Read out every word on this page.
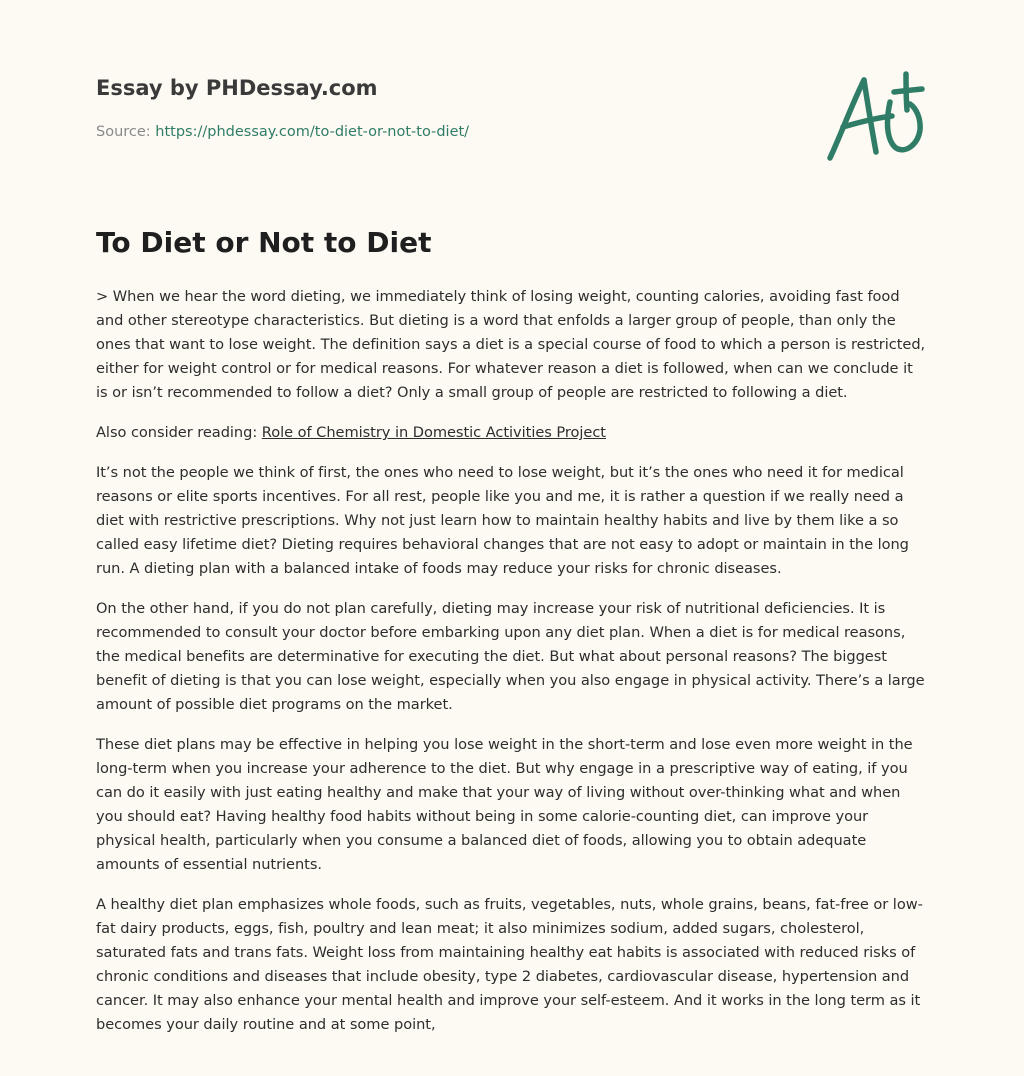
Essay by PHDessay.com
Source: https://phdessay.com/to-diet-or-not-to-diet/
To Diet or Not to Diet

> When we hear the word dieting, we immediately think of losing weight, counting calories, avoiding fast food and other stereotype characteristics. But dieting is a word that enfolds a larger group of people, than only the ones that want to lose weight. The definition says a diet is a special course of food to which a person is restricted, either for weight control or for medical reasons. For whatever reason a diet is followed, when can we conclude it is or isn’t recommended to follow a diet? Only a small group of people are restricted to following a diet.

Also consider reading: Role of Chemistry in Domestic Activities Project

It’s not the people we think of first, the ones who need to lose weight, but it’s the ones who need it for medical reasons or elite sports incentives. For all rest, people like you and me, it is rather a question if we really need a diet with restrictive prescriptions. Why not just learn how to maintain healthy habits and live by them like a so called easy lifetime diet? Dieting requires behavioral changes that are not easy to adopt or maintain in the long run. A dieting plan with a balanced intake of foods may reduce your risks for chronic diseases.

On the other hand, if you do not plan carefully, dieting may increase your risk of nutritional deficiencies. It is recommended to consult your doctor before embarking upon any diet plan. When a diet is for medical reasons, the medical benefits are determinative for executing the diet. But what about personal reasons? The biggest benefit of dieting is that you can lose weight, especially when you also engage in physical activity. There’s a large amount of possible diet programs on the market.

These diet plans may be effective in helping you lose weight in the short-term and lose even more weight in the long-term when you increase your adherence to the diet. But why engage in a prescriptive way of eating, if you can do it easily with just eating healthy and make that your way of living without over-thinking what and when you should eat? Having healthy food habits without being in some calorie-counting diet, can improve your physical health, particularly when you consume a balanced diet of foods, allowing you to obtain adequate amounts of essential nutrients.

A healthy diet plan emphasizes whole foods, such as fruits, vegetables, nuts, whole grains, beans, fat-free or low-fat dairy products, eggs, fish, poultry and lean meat; it also minimizes sodium, added sugars, cholesterol, saturated fats and trans fats. Weight loss from maintaining healthy eat habits is associated with reduced risks of chronic conditions and diseases that include obesity, type 2 diabetes, cardiovascular disease, hypertension and cancer. It may also enhance your mental health and improve your self-esteem. And it works in the long term as it becomes your daily routine and at some point,
